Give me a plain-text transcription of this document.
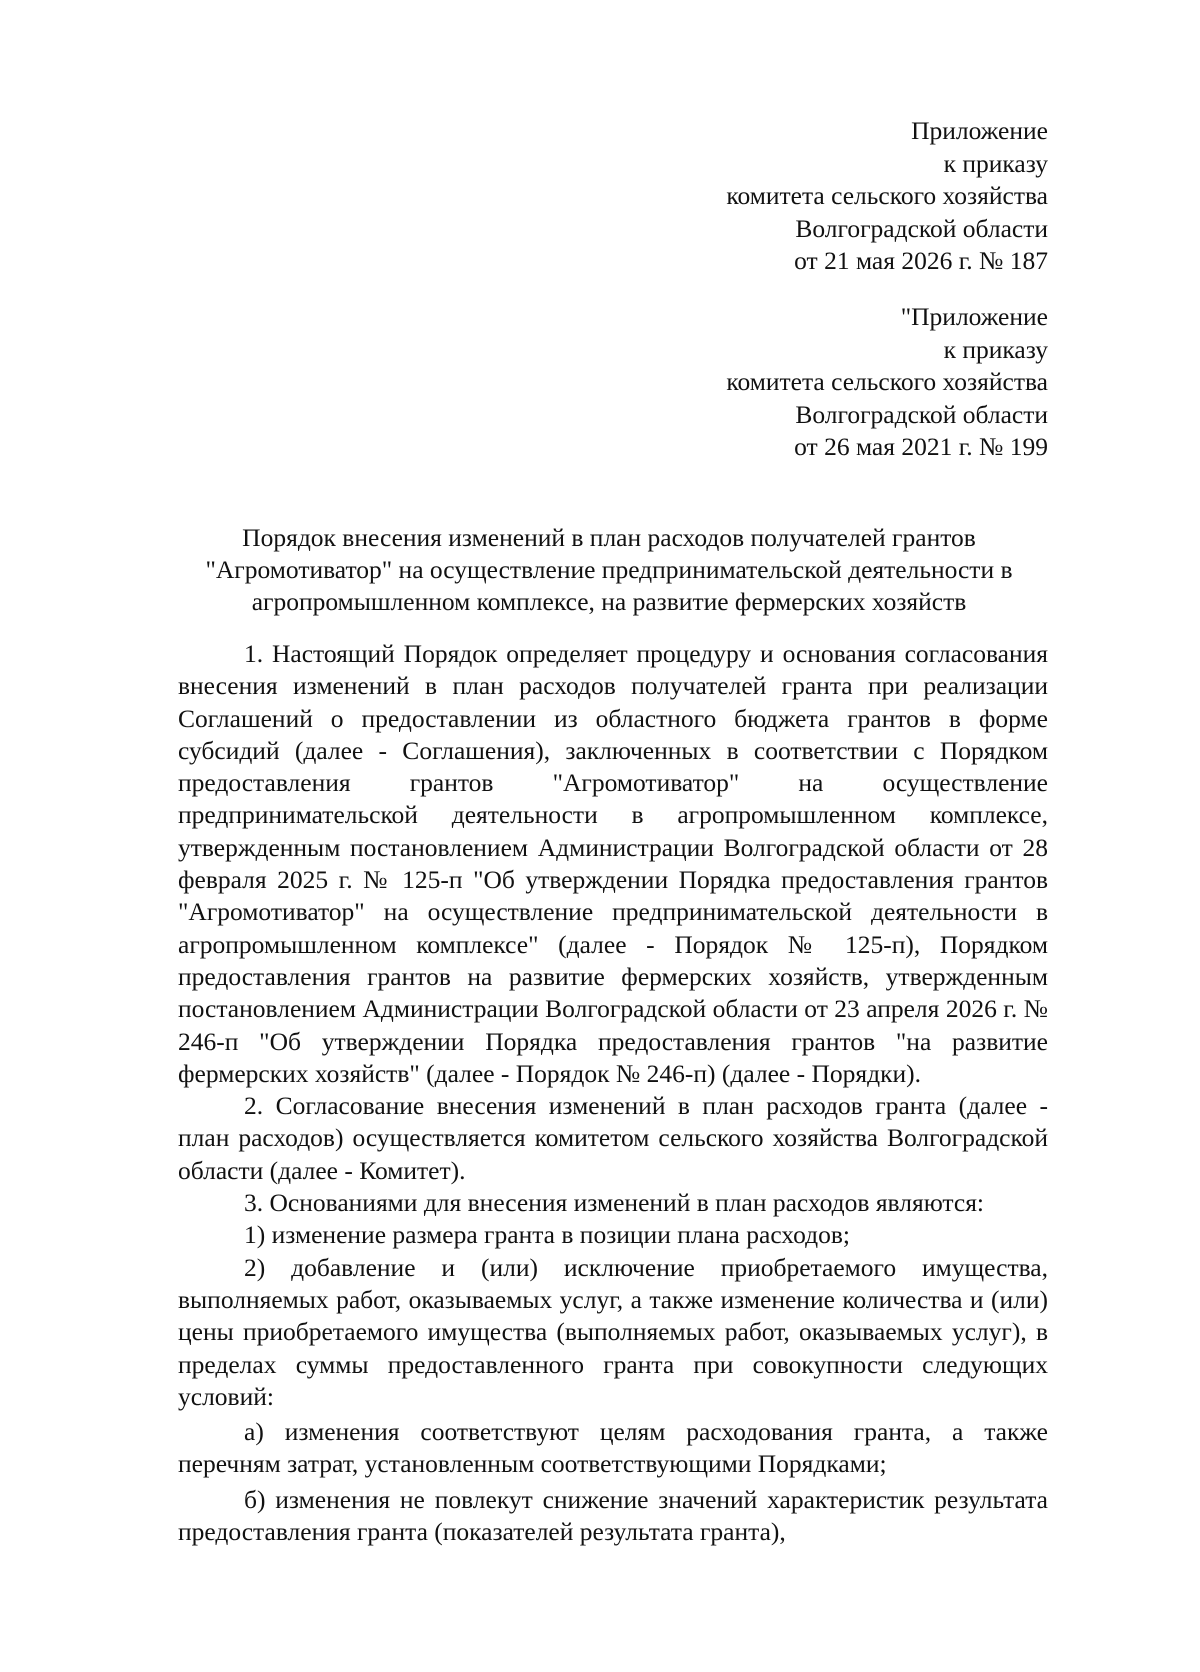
Приложение
к приказу
комитета сельского хозяйства
Волгоградской области
от 21 мая 2026 г. № 187
"Приложение
к приказу
комитета сельского хозяйства
Волгоградской области
от 26 мая 2021 г. № 199
Порядок внесения изменений в план расходов получателей грантов
"Агромотиватор" на осуществление предпринимательской деятельности в
агропромышленном комплексе, на развитие фермерских хозяйств

1. Настоящий Порядок определяет процедуру и основания согласования внесения изменений в план расходов получателей гранта при реализации Соглашений о предоставлении из областного бюджета грантов в форме субсидий (далее - Соглашения), заключенных в соответствии с Порядком предоставления грантов "Агромотиватор" на осуществление предпринимательской деятельности в агропромышленном комплексе, утвержденным постановлением Администрации Волгоградской области от 28 февраля 2025 г. № 125-п "Об утверждении Порядка предоставления грантов "Агромотиватор" на осуществление предпринимательской деятельности в агропромышленном комплексе" (далее - Порядок № 125-п), Порядком предоставления грантов на развитие фермерских хозяйств, утвержденным постановлением Администрации Волгоградской области от 23 апреля 2026 г. № 246-п "Об утверждении Порядка предоставления грантов "на развитие фермерских хозяйств" (далее - Порядок № 246-п) (далее - Порядки).

2. Согласование внесения изменений в план расходов гранта (далее - план расходов) осуществляется комитетом сельского хозяйства Волгоградской области (далее - Комитет).

3. Основаниями для внесения изменений в план расходов являются:

1) изменение размера гранта в позиции плана расходов;

2) добавление и (или) исключение приобретаемого имущества, выполняемых работ, оказываемых услуг, а также изменение количества и (или) цены приобретаемого имущества (выполняемых работ, оказываемых услуг), в пределах суммы предоставленного гранта при совокупности следующих условий:

а) изменения соответствуют целям расходования гранта, а также перечням затрат, установленным соответствующими Порядками;

б) изменения не повлекут снижение значений характеристик результата предоставления гранта (показателей результата гранта),
